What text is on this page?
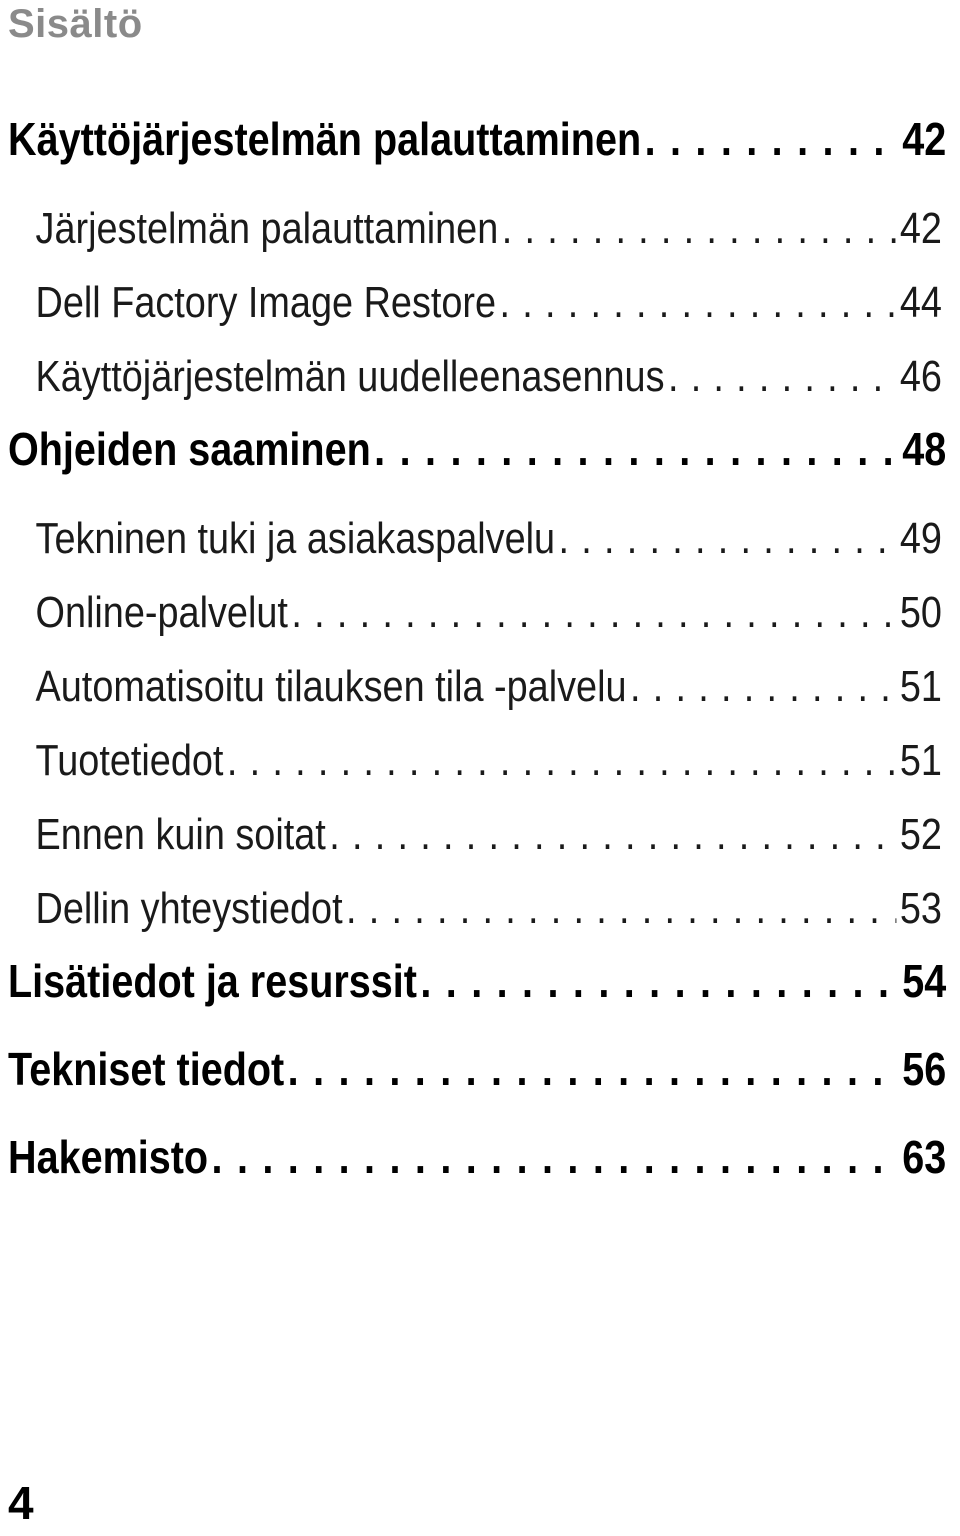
Sisältö
Käyttöjärjestelmän palauttaminen . . .	42
Järjestelmän palauttaminen . . .	42
Dell Factory Image Restore . . .	44
Käyttöjärjestelmän uudelleenasennus . . .	46
Ohjeiden saaminen . . .	48
Tekninen tuki ja asiakaspalvelu . . .	49
Online-palvelut . . .	50
Automatisoitu tilauksen tila -palvelu . . .	51
Tuotetiedot . . .	51
Ennen kuin soitat . . .	52
Dellin yhteystiedot . . .	53
Lisätiedot ja resurssit . . .	54
Tekniset tiedot . . .	56
Hakemisto . . .	63
4
